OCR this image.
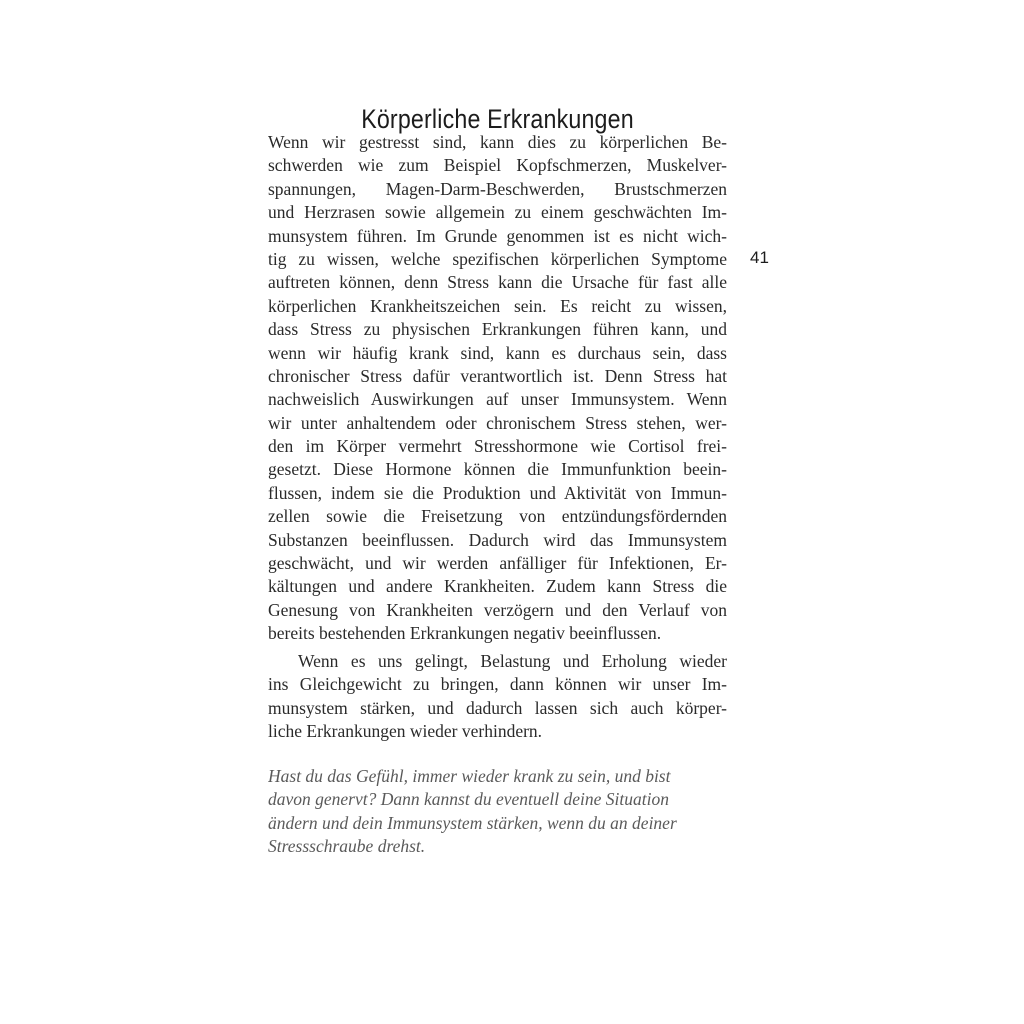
Körperliche Erkrankungen
41
Wenn wir gestresst sind, kann dies zu körperlichen Be-
schwerden wie zum Beispiel Kopfschmerzen, Muskelver-
spannungen, Magen-Darm-Beschwerden, Brustschmerzen
und Herzrasen sowie allgemein zu einem geschwächten Im-
munsystem führen. Im Grunde genommen ist es nicht wich-
tig zu wissen, welche spezifischen körperlichen Symptome
auftreten können, denn Stress kann die Ursache für fast alle
körperlichen Krankheitszeichen sein. Es reicht zu wissen,
dass Stress zu physischen Erkrankungen führen kann, und
wenn wir häufig krank sind, kann es durchaus sein, dass
chronischer Stress dafür verantwortlich ist. Denn Stress hat
nachweislich Auswirkungen auf unser Immunsystem. Wenn
wir unter anhaltendem oder chronischem Stress stehen, wer-
den im Körper vermehrt Stresshormone wie Cortisol frei-
gesetzt. Diese Hormone können die Immunfunktion beein-
flussen, indem sie die Produktion und Aktivität von Immun-
zellen sowie die Freisetzung von entzündungsfördernden
Substanzen beeinflussen. Dadurch wird das Immunsystem
geschwächt, und wir werden anfälliger für Infektionen, Er-
kältungen und andere Krankheiten. Zudem kann Stress die
Genesung von Krankheiten verzögern und den Verlauf von
bereits bestehenden Erkrankungen negativ beeinflussen.
Wenn es uns gelingt, Belastung und Erholung wieder
ins Gleichgewicht zu bringen, dann können wir unser Im-
munsystem stärken, und dadurch lassen sich auch körper-
liche Erkrankungen wieder verhindern.
Hast du das Gefühl, immer wieder krank zu sein, und bist
davon genervt? Dann kannst du eventuell deine Situation
ändern und dein Immunsystem stärken, wenn du an deiner
Stressschraube drehst.
